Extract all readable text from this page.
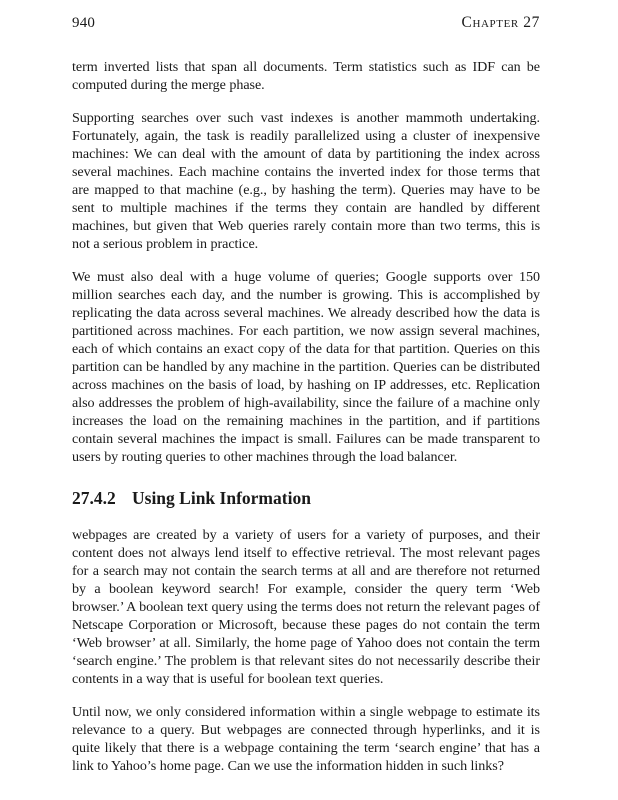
940	Chapter 27

term inverted lists that span all documents. Term statistics such as IDF can be computed during the merge phase.

Supporting searches over such vast indexes is another mammoth undertaking. Fortunately, again, the task is readily parallelized using a cluster of inexpensive machines: We can deal with the amount of data by partitioning the index across several machines. Each machine contains the inverted index for those terms that are mapped to that machine (e.g., by hashing the term). Queries may have to be sent to multiple machines if the terms they contain are handled by different machines, but given that Web queries rarely contain more than two terms, this is not a serious problem in practice.

We must also deal with a huge volume of queries; Google supports over 150 million searches each day, and the number is growing. This is accomplished by replicating the data across several machines. We already described how the data is partitioned across machines. For each partition, we now assign several machines, each of which contains an exact copy of the data for that partition. Queries on this partition can be handled by any machine in the partition. Queries can be distributed across machines on the basis of load, by hashing on IP addresses, etc. Replication also addresses the problem of high-availability, since the failure of a machine only increases the load on the remaining machines in the partition, and if partitions contain several machines the impact is small. Failures can be made transparent to users by routing queries to other machines through the load balancer.

27.4.2 Using Link Information

webpages are created by a variety of users for a variety of purposes, and their content does not always lend itself to effective retrieval. The most relevant pages for a search may not contain the search terms at all and are therefore not returned by a boolean keyword search! For example, consider the query term ‘Web browser.’ A boolean text query using the terms does not return the relevant pages of Netscape Corporation or Microsoft, because these pages do not contain the term ‘Web browser’ at all. Similarly, the home page of Yahoo does not contain the term ‘search engine.’ The problem is that relevant sites do not necessarily describe their contents in a way that is useful for boolean text queries.

Until now, we only considered information within a single webpage to estimate its relevance to a query. But webpages are connected through hyperlinks, and it is quite likely that there is a webpage containing the term ‘search engine’ that has a link to Yahoo’s home page. Can we use the information hidden in such links?
